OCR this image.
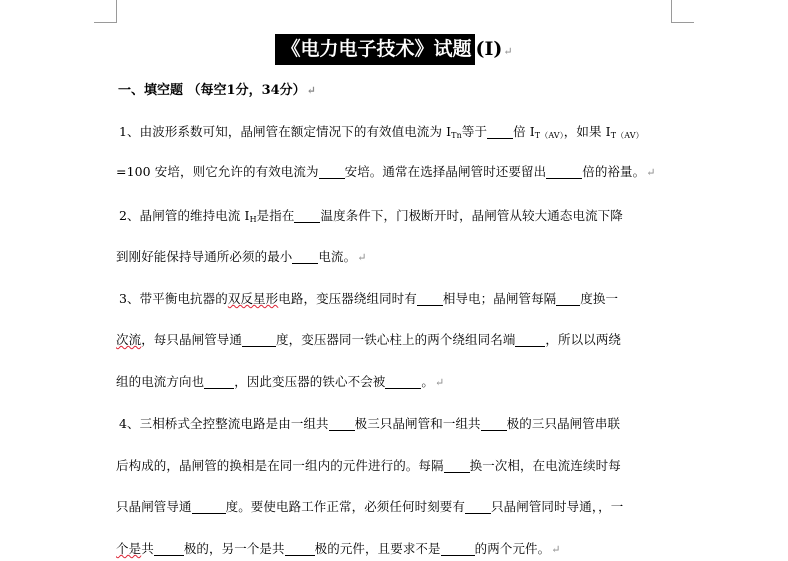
《电力电子技术》试题 (I)↵
一、填空题 （每空1分，34分）↵
1、由波形系数可知，晶闸管在额定情况下的有效值电流为 $I_{Tn}$等于 倍 $I_{T(AV)}$，如果 $I_{T(AV)}$
=100 安培，则它允许的有效电流为 安培。通常在选择晶闸管时还要留出	倍的裕量。↵
2、晶闸管的维持电流 $I_H$是指在 温度条件下，门极断开时，晶闸管从较大通态电流下降
到刚好能保持导通所必须的最小 电流。↵
3、带平衡电抗器的双反星形电路，变压器绕组同时有 相导电；晶闸管每隔 度换一
次流，每只晶闸管导通	度，变压器同一铁心柱上的两个绕组同名端 ，所以以两绕
组的电流方向也 ，因此变压器的铁心不会被	。↵
4、三相桥式全控整流电路是由一组共 极三只晶闸管和一组共 极的三只晶闸管串联
后构成的，晶闸管的换相是在同一组内的元件进行的。每隔 换一次相，在电流连续时每
只晶闸管导通	度。要使电路工作正常，必须任何时刻要有 只晶闸管同时导通，，一
个是共 极的，另一个是共 极的元件，且要求不是	的两个元件。↵
